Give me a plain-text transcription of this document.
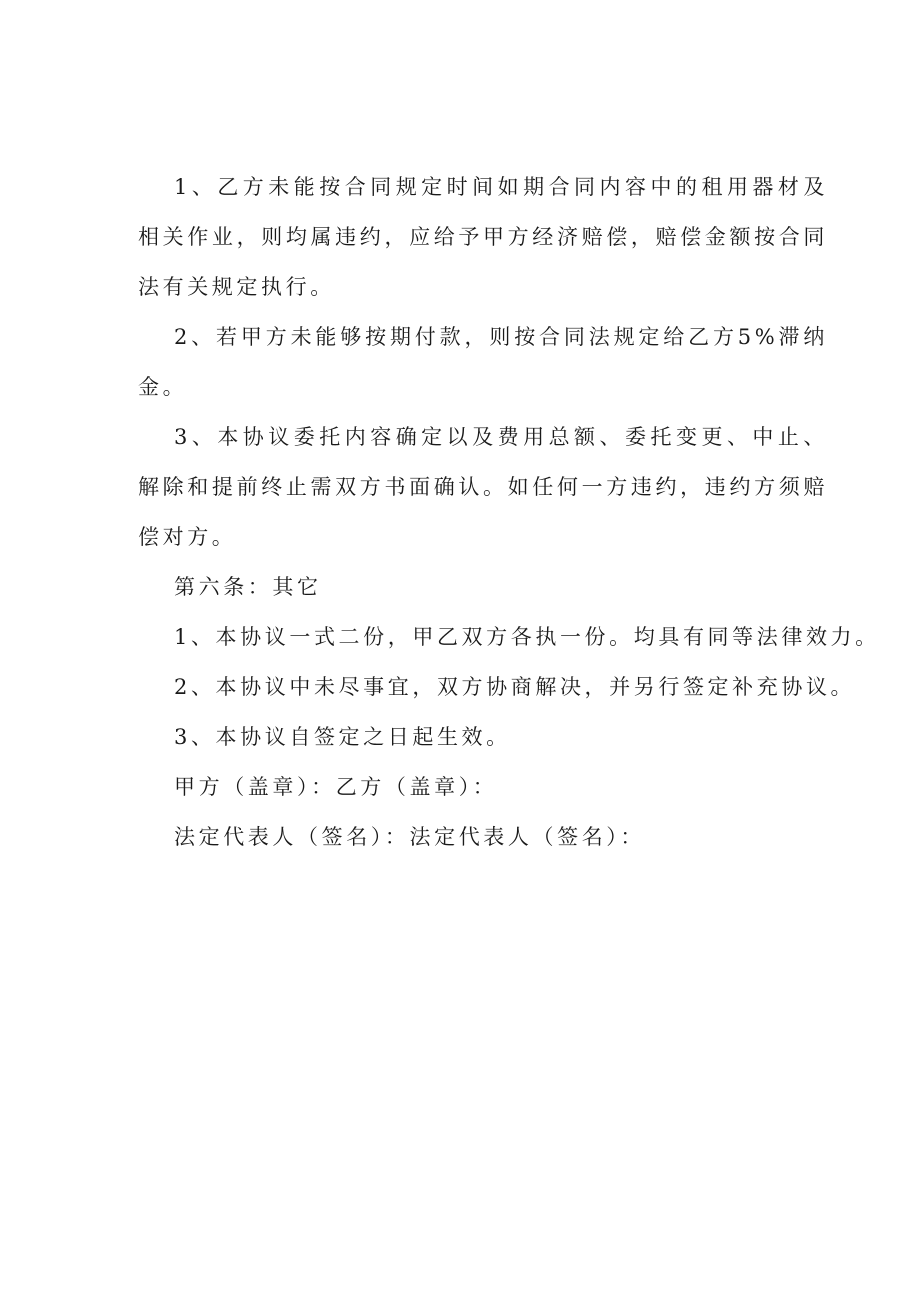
1、乙方未能按合同规定时间如期合同内容中的租用器材及相关作业，则均属违约，应给予甲方经济赔偿，赔偿金额按合同法有关规定执行。

2、若甲方未能够按期付款，则按合同法规定给乙方5%滞纳金。

3、本协议委托内容确定以及费用总额、委托变更、中止、解除和提前终止需双方书面确认。如任何一方违约，违约方须赔偿对方。

第六条：其它

1、本协议一式二份，甲乙双方各执一份。均具有同等法律效力。

2、本协议中未尽事宜，双方协商解决，并另行签定补充协议。

3、本协议自签定之日起生效。

甲方（盖章）：乙方（盖章）：

法定代表人（签名）：法定代表人（签名）：
